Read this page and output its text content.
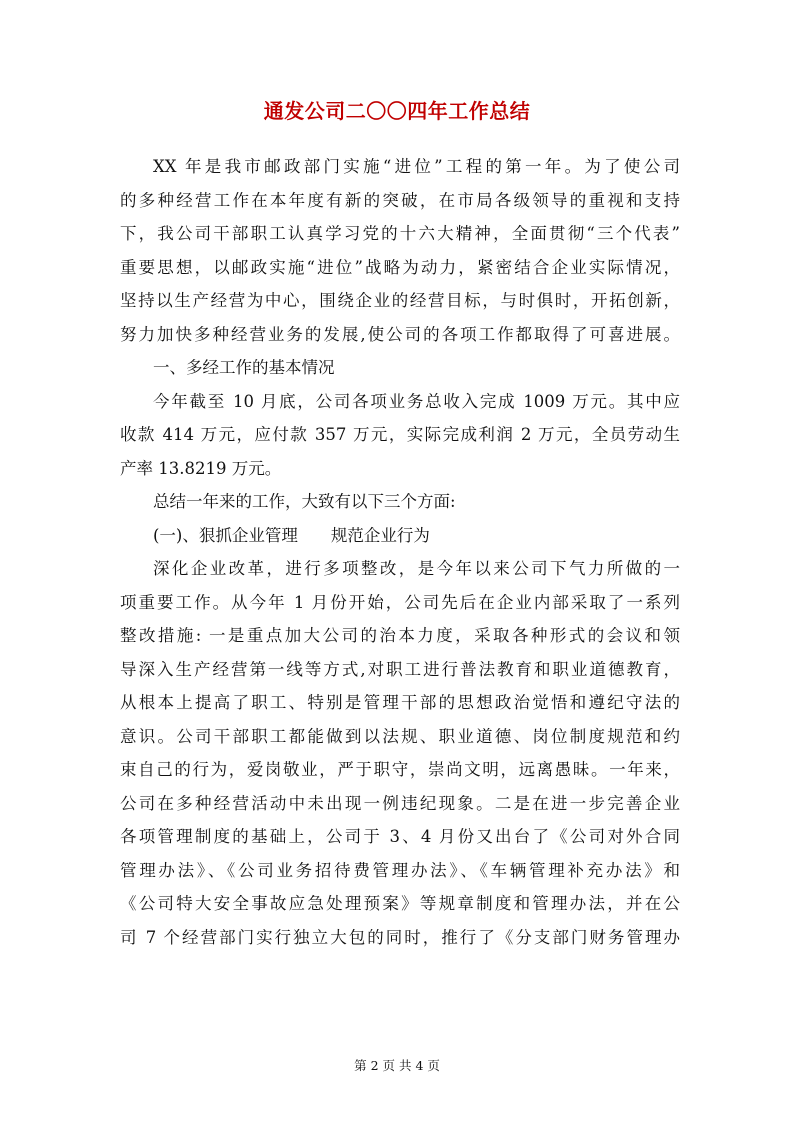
通发公司二〇〇四年工作总结
XX 年是我市邮政部门实施“进位”工程的第一年。为了使公司
的多种经营工作在本年度有新的突破，在市局各级领导的重视和支持
下，我公司干部职工认真学习党的十六大精神，全面贯彻“三个代表”
重要思想，以邮政实施“进位”战略为动力，紧密结合企业实际情况，
坚持以生产经营为中心，围绕企业的经营目标，与时俱时，开拓创新，
努力加快多种经营业务的发展,使公司的各项工作都取得了可喜进展。
一、多经工作的基本情况
今年截至 10 月底，公司各项业务总收入完成 1009 万元。其中应
收款 414 万元，应付款 357 万元，实际完成利润 2 万元，全员劳动生
产率 13.8219 万元。
总结一年来的工作，大致有以下三个方面:
(一)、狠抓企业管理　　规范企业行为
深化企业改革，进行多项整改，是今年以来公司下气力所做的一
项重要工作。从今年 1 月份开始，公司先后在企业内部采取了一系列
整改措施: 一是重点加大公司的治本力度，采取各种形式的会议和领
导深入生产经营第一线等方式,对职工进行普法教育和职业道德教育，
从根本上提高了职工、特别是管理干部的思想政治觉悟和遵纪守法的
意识。公司干部职工都能做到以法规、职业道德、岗位制度规范和约
束自己的行为，爱岗敬业，严于职守，崇尚文明，远离愚昧。一年来，
公司在多种经营活动中未出现一例违纪现象。二是在进一步完善企业
各项管理制度的基础上，公司于 3、4 月份又出台了《公司对外合同
管理办法》、《公司业务招待费管理办法》、《车辆管理补充办法》和
《公司特大安全事故应急处理预案》等规章制度和管理办法，并在公
司 7 个经营部门实行独立大包的同时，推行了《分支部门财务管理办
第 2 页 共 4 页
